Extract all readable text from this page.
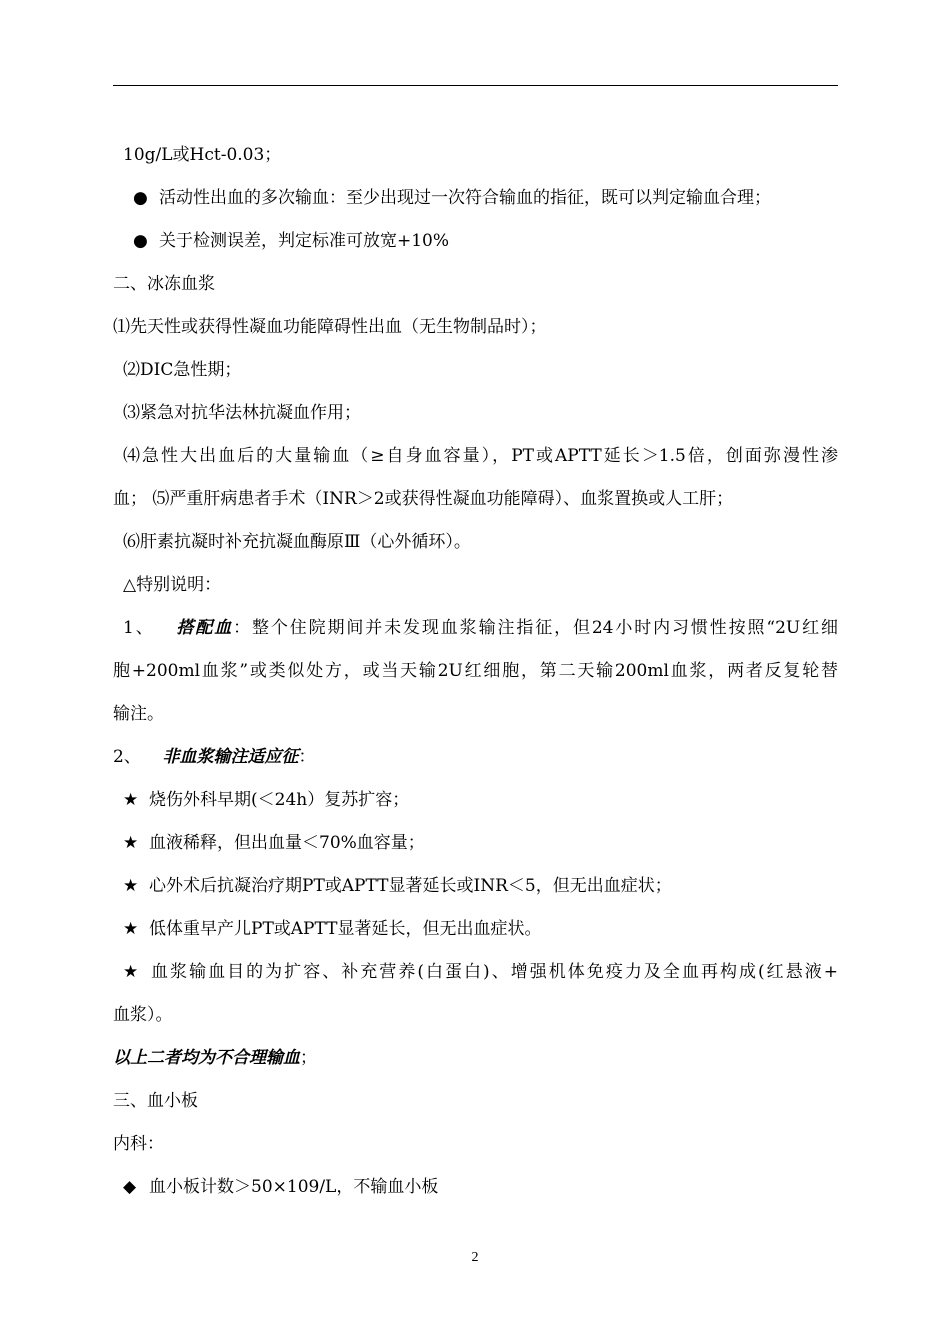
10g/L或Hct-0.03；
● 活动性出血的多次输血：至少出现过一次符合输血的指征，既可以判定输血合理；
● 关于检测误差，判定标准可放宽+10%
二、冰冻血浆
⑴先天性或获得性凝血功能障碍性出血（无生物制品时）；
⑵DIC急性期；
⑶紧急对抗华法林抗凝血作用；
⑷急性大出血后的大量输血（≥自身血容量），PT或APTT延长＞1.5倍，创面弥漫性渗
血； ⑸严重肝病患者手术（INR＞2或获得性凝血功能障碍）、血浆置换或人工肝；
⑹肝素抗凝时补充抗凝血酶原Ⅲ（心外循环）。
△特别说明：
1、 搭配血：整个住院期间并未发现血浆输注指征，但24小时内习惯性按照“2U红细
胞+200ml血浆”或类似处方，或当天输2U红细胞，第二天输200ml血浆，两者反复轮替
输注。
2、 非血浆输注适应征：
★ 烧伤外科早期(＜24h）复苏扩容；
★ 血液稀释，但出血量＜70%血容量；
★ 心外术后抗凝治疗期PT或APTT显著延长或INR＜5，但无出血症状；
★ 低体重早产儿PT或APTT显著延长，但无出血症状。
★ 血浆输血目的为扩容、补充营养(白蛋白)、增强机体免疫力及全血再构成(红悬液+
血浆）。
以上二者均为不合理输血；
三、血小板
内科：
◆ 血小板计数＞50×109/L，不输血小板
2
